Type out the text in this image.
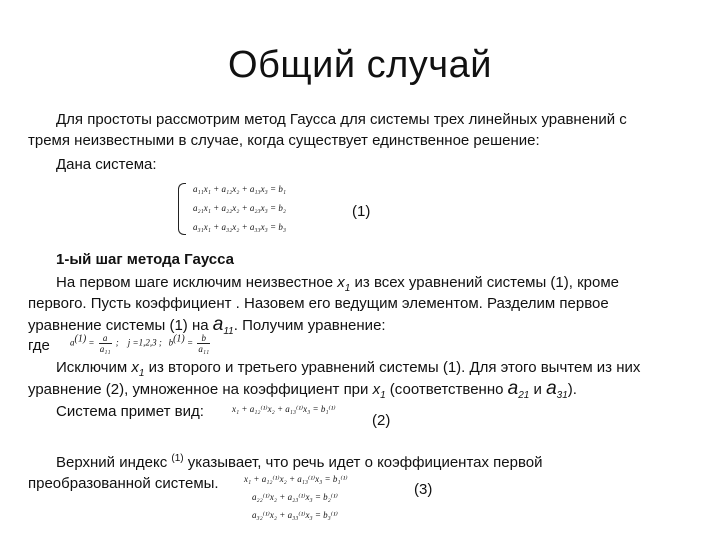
Общий случай
Для простоты рассмотрим метод Гаусса для системы трех линейных уравнений с
тремя неизвестными в случае, когда существует единственное решение:
Дана система:
a₁₁x₁ + a₁₂x₂ + a₁₃x₃ = b₁
a₂₁x₁ + a₂₂x₂ + a₂₃x₃ = b₂
a₃₁x₁ + a₃₂x₂ + a₃₃x₃ = b₃
(1)
1-ый шаг метода Гаусса
На первом шаге исключим неизвестное $x_1$ из всех уравнений системы (1), кроме
первого. Пусть коэффициент . Назовем его ведущим элементом. Разделим первое
уравнение системы (1) на $a_{11}$. Получим уравнение:
где $a^{(1)} = \frac{a}{\text{a₁₁}}$ ; j =1,2,3 ; $b^{(1)} = \frac{b}{\text{a₁₁}}$
Исключим $x_1$ из второго и третьего уравнений системы (1). Для этого вычтем из них
уравнение (2), умноженное на коэффициент при $x_1$ (соответственно $a_{21}$ и $a_{31}$).
Система примет вид:	x₁ + a₁₂⁽¹⁾x₂ + a₁₃⁽¹⁾x₃ = b₁⁽¹⁾
(2)
Верхний индекс $^{(1)}$ указывает, что речь идет о коэффициентах первой
преобразованной системы.	x₁ + a₁₂⁽¹⁾x₂ + a₁₃⁽¹⁾x₃ = b₁⁽¹⁾
a₂₂⁽¹⁾x₂ + a₂₃⁽¹⁾x₃ = b₂⁽¹⁾
a₃₂⁽¹⁾x₂ + a₃₃⁽¹⁾x₃ = b₃⁽¹⁾
(3)
